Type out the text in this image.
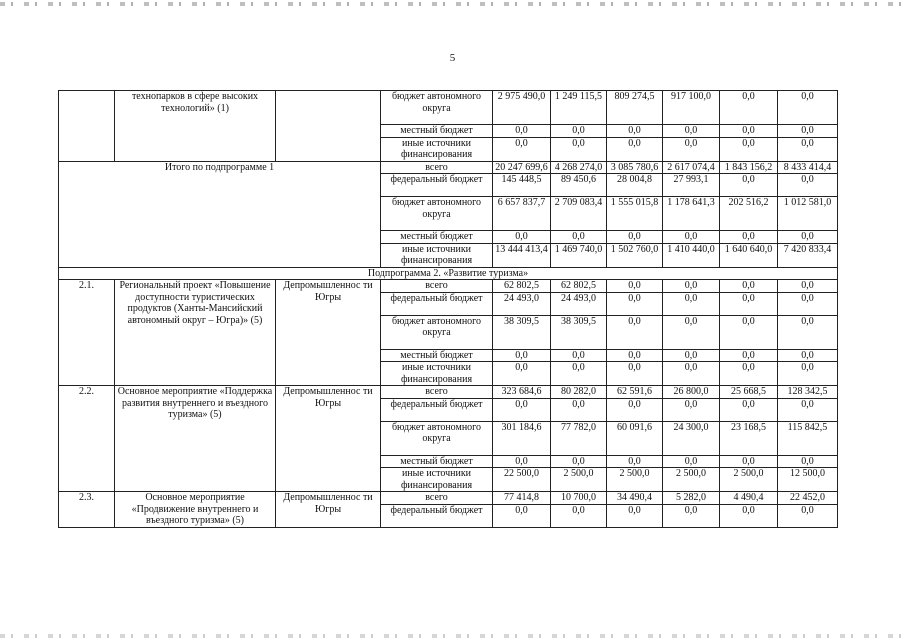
5
	технопарков в сфере высоких технологий» (1)		бюджет автономного округа	2 975 490,0	1 249 115,5	809 274,5	917 100,0	0,0	0,0
			местный бюджет	0,0	0,0	0,0	0,0	0,0	0,0
			иные источники финансирования	0,0	0,0	0,0	0,0	0,0	0,0
Итого по подпрограмме 1			всего	20 247 699,6	4 268 274,0	3 085 780,6	2 617 074,4	1 843 156,2	8 433 414,4
			федеральный бюджет	145 448,5	89 450,6	28 004,8	27 993,1	0,0	0,0
			бюджет автономного округа	6 657 837,7	2 709 083,4	1 555 015,8	1 178 641,3	202 516,2	1 012 581,0
			местный бюджет	0,0	0,0	0,0	0,0	0,0	0,0
			иные источники финансирования	13 444 413,4	1 469 740,0	1 502 760,0	1 410 440,0	1 640 640,0	7 420 833,4
Подпрограмма 2. «Развитие туризма»									
2.1.	Региональный проект «Повышение доступности туристических продуктов (Ханты-Мансийский автономный округ – Югра)» (5)	Депромышленнос ти Югры	всего	62 802,5	62 802,5	0,0	0,0	0,0	0,0
			федеральный бюджет	24 493,0	24 493,0	0,0	0,0	0,0	0,0
			бюджет автономного округа	38 309,5	38 309,5	0,0	0,0	0,0	0,0
			местный бюджет	0,0	0,0	0,0	0,0	0,0	0,0
			иные источники финансирования	0,0	0,0	0,0	0,0	0,0	0,0
2.2.	Основное мероприятие «Поддержка развития внутреннего и въездного туризма» (5)	Депромышленнос ти Югры	всего	323 684,6	80 282,0	62 591,6	26 800,0	25 668,5	128 342,5
			федеральный бюджет	0,0	0,0	0,0	0,0	0,0	0,0
			бюджет автономного округа	301 184,6	77 782,0	60 091,6	24 300,0	23 168,5	115 842,5
			местный бюджет	0,0	0,0	0,0	0,0	0,0	0,0
			иные источники финансирования	22 500,0	2 500,0	2 500,0	2 500,0	2 500,0	12 500,0
2.3.	Основное мероприятие «Продвижение внутреннего и въездного туризма» (5)	Депромышленнос ти Югры	всего	77 414,8	10 700,0	34 490,4	5 282,0	4 490,4	22 452,0
			федеральный бюджет	0,0	0,0	0,0	0,0	0,0	0,0
